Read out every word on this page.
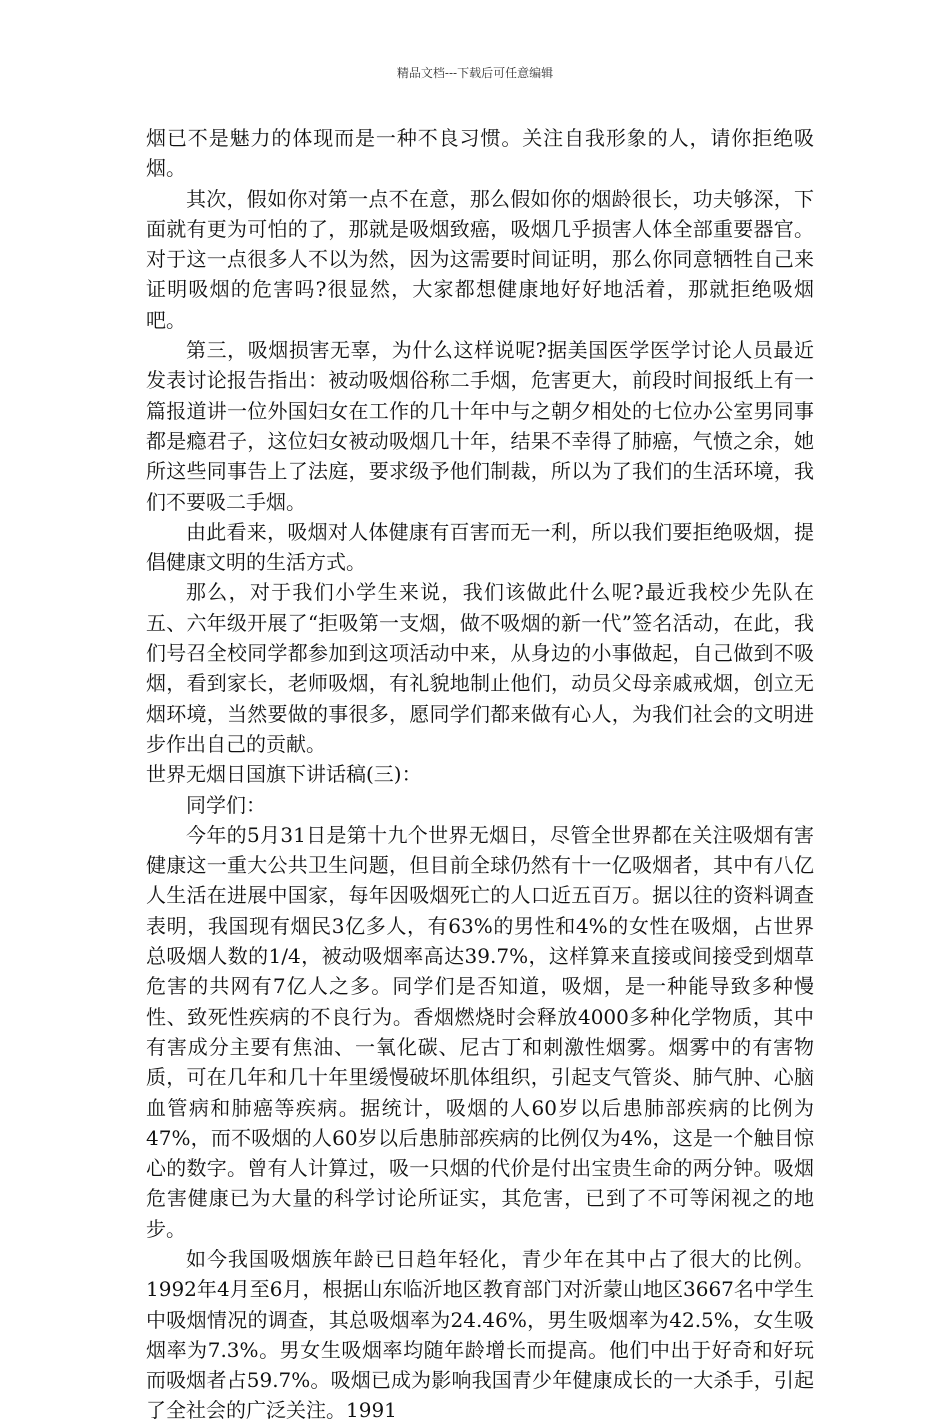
精品文档---下载后可任意编辑

烟已不是魅力的体现而是一种不良习惯。关注自我形象的人，请你拒绝吸烟。

其次，假如你对第一点不在意，那么假如你的烟龄很长，功夫够深，下面就有更为可怕的了，那就是吸烟致癌，吸烟几乎损害人体全部重要器官。对于这一点很多人不以为然，因为这需要时间证明，那么你同意牺牲自己来证明吸烟的危害吗?很显然，大家都想健康地好好地活着，那就拒绝吸烟吧。

第三，吸烟损害无辜，为什么这样说呢?据美国医学医学讨论人员最近发表讨论报告指出：被动吸烟俗称二手烟，危害更大，前段时间报纸上有一篇报道讲一位外国妇女在工作的几十年中与之朝夕相处的七位办公室男同事都是瘾君子，这位妇女被动吸烟几十年，结果不幸得了肺癌，气愤之余，她所这些同事告上了法庭，要求级予他们制裁，所以为了我们的生活环境，我们不要吸二手烟。

由此看来，吸烟对人体健康有百害而无一利，所以我们要拒绝吸烟，提倡健康文明的生活方式。

那么，对于我们小学生来说，我们该做此什么呢?最近我校少先队在五、六年级开展了“拒吸第一支烟，做不吸烟的新一代”签名活动，在此，我们号召全校同学都参加到这项活动中来，从身边的小事做起，自己做到不吸烟，看到家长，老师吸烟，有礼貌地制止他们，动员父母亲戚戒烟，创立无烟环境，当然要做的事很多，愿同学们都来做有心人，为我们社会的文明进步作出自己的贡献。

世界无烟日国旗下讲话稿(三)：

同学们：

今年的5月31日是第十九个世界无烟日，尽管全世界都在关注吸烟有害健康这一重大公共卫生问题，但目前全球仍然有十一亿吸烟者，其中有八亿人生活在进展中国家，每年因吸烟死亡的人口近五百万。据以往的资料调查表明，我国现有烟民3亿多人，有63%的男性和4%的女性在吸烟，占世界总吸烟人数的1/4，被动吸烟率高达39.7%，这样算来直接或间接受到烟草危害的共网有7亿人之多。同学们是否知道，吸烟，是一种能导致多种慢性、致死性疾病的不良行为。香烟燃烧时会释放4000多种化学物质，其中有害成分主要有焦油、一氧化碳、尼古丁和刺激性烟雾。烟雾中的有害物质，可在几年和几十年里缓慢破坏肌体组织，引起支气管炎、肺气肿、心脑血管病和肺癌等疾病。据统计，吸烟的人60岁以后患肺部疾病的比例为47%，而不吸烟的人60岁以后患肺部疾病的比例仅为4%，这是一个触目惊心的数字。曾有人计算过，吸一只烟的代价是付出宝贵生命的两分钟。吸烟危害健康已为大量的科学讨论所证实，其危害，已到了不可等闲视之的地步。

如今我国吸烟族年龄已日趋年轻化，青少年在其中占了很大的比例。1992年4月至6月，根据山东临沂地区教育部门对沂蒙山地区3667名中学生中吸烟情况的调查，其总吸烟率为24.46%，男生吸烟率为42.5%，女生吸烟率为7.3%。男女生吸烟率均随年龄增长而提高。他们中出于好奇和好玩而吸烟者占59.7%。吸烟已成为影响我国青少年健康成长的一大杀手，引起了全社会的广泛关注。1991
